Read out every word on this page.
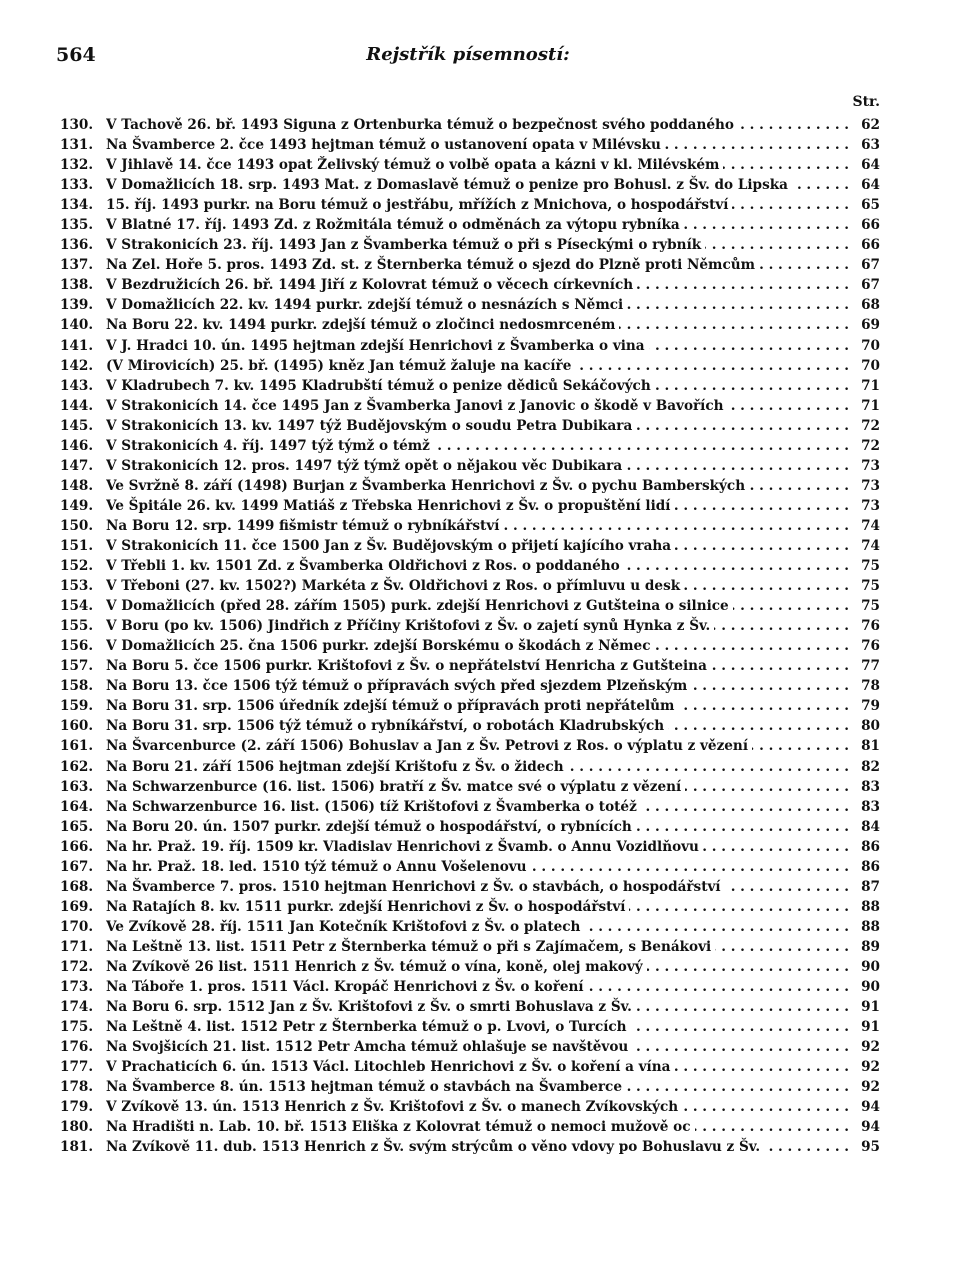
564	Rejstřík písemností:
Str.
130. V Tachově 26. bř. 1493 Siguna z Ortenburka témuž o bezpečnost svého poddaného . . .	62
131. Na Švamberce 2. čce 1493 hejtman témuž o ustanovení opata v Milévsku . . .	63
132. V Jihlavě 14. čce 1493 opat Želivský témuž o volbě opata a kázni v kl. Milévském . . .	64
133. V Domažlicích 18. srp. 1493 Mat. z Domaslavě témuž o penize pro Bohusl. z Šv. do Lipska . . .	64
134. 15. říj. 1493 purkr. na Boru témuž o jestřábu, mřížích z Mnichova, o hospodářství . . .	65
135. V Blatné 17. říj. 1493 Zd. z Rožmitála témuž o odměnách za výtopu rybníka . . .	66
136. V Strakonicích 23. říj. 1493 Jan z Švamberka témuž o při s Píseckými o rybník . . .	66
137. Na Zel. Hoře 5. pros. 1493 Zd. st. z Šternberka témuž o sjezd do Plzně proti Němcům . . .	67
138. V Bezdružicích 26. bř. 1494 Jiří z Kolovrat témuž o věcech církevních . . .	67
139. V Domažlicích 22. kv. 1494 purkr. zdejší témuž o nesnázích s Němci . . .	68
140. Na Boru 22. kv. 1494 purkr. zdejší témuž o zločinci nedosmrceném . . .	69
141. V J. Hradci 10. ún. 1495 hejtman zdejší Henrichovi z Švamberka o vina . . .	70
142. (V Mirovicích) 25. bř. (1495) kněz Jan témuž žaluje na kacíře . . .	70
143. V Kladrubech 7. kv. 1495 Kladrubští témuž o penize dědiců Sekáčových . . .	71
144. V Strakonicích 14. čce 1495 Jan z Švamberka Janovi z Janovic o škodě v Bavořích . . .	71
145. V Strakonicích 13. kv. 1497 týž Budějovským o soudu Petra Dubikara . . .	72
146. V Strakonicích 4. říj. 1497 týž týmž o témž . . .	72
147. V Strakonicích 12. pros. 1497 týž týmž opět o nějakou věc Dubikara . . .	73
148. Ve Svržně 8. září (1498) Burjan z Švamberka Henrichovi z Šv. o pychu Bamberských . . .	73
149. Ve Špitále 26. kv. 1499 Matiáš z Třebska Henrichovi z Šv. o propuštění lidí . . .	73
150. Na Boru 12. srp. 1499 fišmistr témuž o rybníkářství . . .	74
151. V Strakonicích 11. čce 1500 Jan z Šv. Budějovským o přijetí kajícího vraha . . .	74
152. V Třebli 1. kv. 1501 Zd. z Švamberka Oldřichovi z Ros. o poddaného . . .	75
153. V Třeboni (27. kv. 1502?) Markéta z Šv. Oldřichovi z Ros. o přímluvu u desk . . .	75
154. V Domažlicích (před 28. zářím 1505) purk. zdejší Henrichovi z Gutšteina o silnice . . .	75
155. V Boru (po kv. 1506) Jindřich z Příčiny Krištofovi z Šv. o zajetí synů Hynka z Šv. . . .	76
156. V Domažlicích 25. čna 1506 purkr. zdejší Borskému o škodách z Němec . . .	76
157. Na Boru 5. čce 1506 purkr. Krištofovi z Šv. o nepřátelství Henricha z Gutšteina . . .	77
158. Na Boru 13. čce 1506 týž témuž o přípravách svých před sjezdem Plzeňským . . .	78
159. Na Boru 31. srp. 1506 úředník zdejší témuž o přípravách proti nepřátelům . . .	79
160. Na Boru 31. srp. 1506 týž témuž o rybníkářství, o robotách Kladrubských . . .	80
161. Na Švarcenburce (2. září 1506) Bohuslav a Jan z Šv. Petrovi z Ros. o výplatu z vězení . . .	81
162. Na Boru 21. září 1506 hejtman zdejší Krištofu z Šv. o židech . . .	82
163. Na Schwarzenburce (16. list. 1506) bratří z Šv. matce své o výplatu z vězení . . .	83
164. Na Schwarzenburce 16. list. (1506) tíž Krištofovi z Švamberka o totéž . . .	83
165. Na Boru 20. ún. 1507 purkr. zdejší témuž o hospodářství, o rybnících . . .	84
166. Na hr. Praž. 19. říj. 1509 kr. Vladislav Henrichovi z Švamb. o Annu Vozidlňovu . . .	86
167. Na hr. Praž. 18. led. 1510 týž témuž o Annu Vošelenovu . . .	86
168. Na Švamberce 7. pros. 1510 hejtman Henrichovi z Šv. o stavbách, o hospodářství . . .	87
169. Na Ratajích 8. kv. 1511 purkr. zdejší Henrichovi z Šv. o hospodářství . . .	88
170. Ve Zvíkově 28. říj. 1511 Jan Kotečník Krištofovi z Šv. o platech . . .	88
171. Na Leštně 13. list. 1511 Petr z Šternberka témuž o při s Zajímačem, s Benákovi . . .	89
172. Na Zvíkově 26 list. 1511 Henrich z Šv. témuž o vína, koně, olej makový . . .	90
173. Na Táboře 1. pros. 1511 Václ. Kropáč Henrichovi z Šv. o koření . . .	90
174. Na Boru 6. srp. 1512 Jan z Šv. Krištofovi z Šv. o smrti Bohuslava z Šv. . . .	91
175. Na Leštně 4. list. 1512 Petr z Šternberka témuž o p. Lvovi, o Turcích . . .	91
176. Na Svojšicích 21. list. 1512 Petr Amcha témuž ohlašuje se navštěvou . . .	92
177. V Prachaticích 6. ún. 1513 Václ. Litochleb Henrichovi z Šv. o koření a vína . . .	92
178. Na Švamberce 8. ún. 1513 hejtman témuž o stavbách na Švamberce . . .	92
179. V Zvíkově 13. ún. 1513 Henrich z Šv. Krištofovi z Šv. o manech Zvíkovských . . .	94
180. Na Hradišti n. Lab. 10. bř. 1513 Eliška z Kolovrat témuž o nemoci mužově oc . . .	94
181. Na Zvíkově 11. dub. 1513 Henrich z Šv. svým strýcům o věno vdovy po Bohuslavu z Šv. . . .	95
